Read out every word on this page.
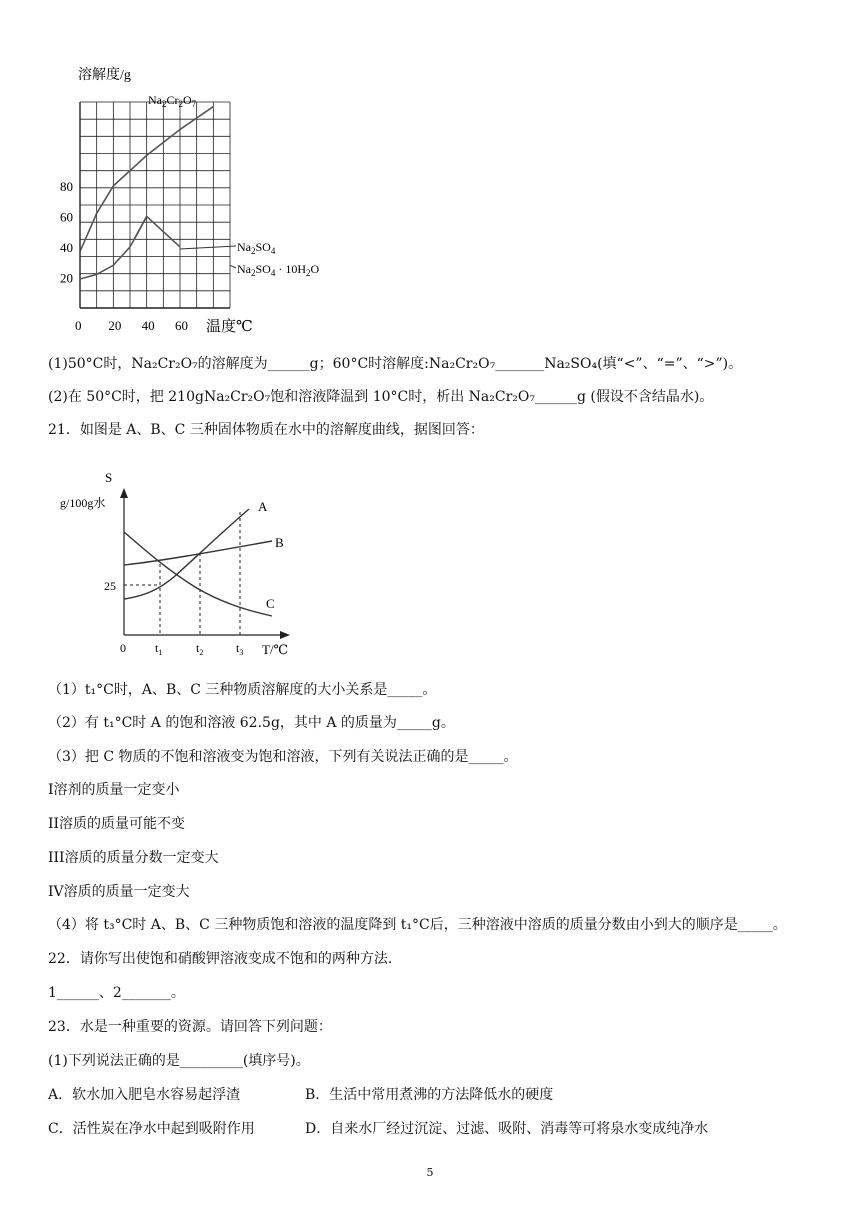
溶解度/g
0 20 40 60
20
40
60
80
温度℃
$Na_2Cr_2O_7$
$Na_2SO_4$
$Na_2SO_4 \cdot 10H_2O$
(1)50°C时，Na₂Cr₂O₇的溶解度为______g；60°C时溶解度:Na₂Cr₂O₇_______Na₂SO₄(填“<”、“=”、“>”)。
(2)在 50°C时，把 210gNa₂Cr₂O₇饱和溶液降温到 10°C时，析出 Na₂Cr₂O₇______g (假设不含结晶水)。
21．如图是 A、B、C 三种固体物质在水中的溶解度曲线，据图回答：
S
g/100g水	A
B
C
25
0 $t_1$	$t_2$	$t_3$ T/℃
（1）t₁°C时，A、B、C 三种物质溶解度的大小关系是_____。
（2）有 t₁°C时 A 的饱和溶液 62.5g，其中 A 的质量为_____g。
（3）把 C 物质的不饱和溶液变为饱和溶液，下列有关说法正确的是_____。
I溶剂的质量一定变小
II溶质的质量可能不变
III溶质的质量分数一定变大
IV溶质的质量一定变大
（4）将 t₃°C时 A、B、C 三种物质饱和溶液的温度降到 t₁°C后，三种溶液中溶质的质量分数由小到大的顺序是_____。
22．请你写出使饱和硝酸钾溶液变成不饱和的两种方法.
1______、2_______。
23．水是一种重要的资源。请回答下列问题：
(1)下列说法正确的是_________(填序号)。
A．软水加入肥皂水容易起浮渣	B．生活中常用煮沸的方法降低水的硬度
C．活性炭在净水中起到吸附作用	D．自来水厂经过沉淀、过滤、吸附、消毒等可将泉水变成纯净水
5
